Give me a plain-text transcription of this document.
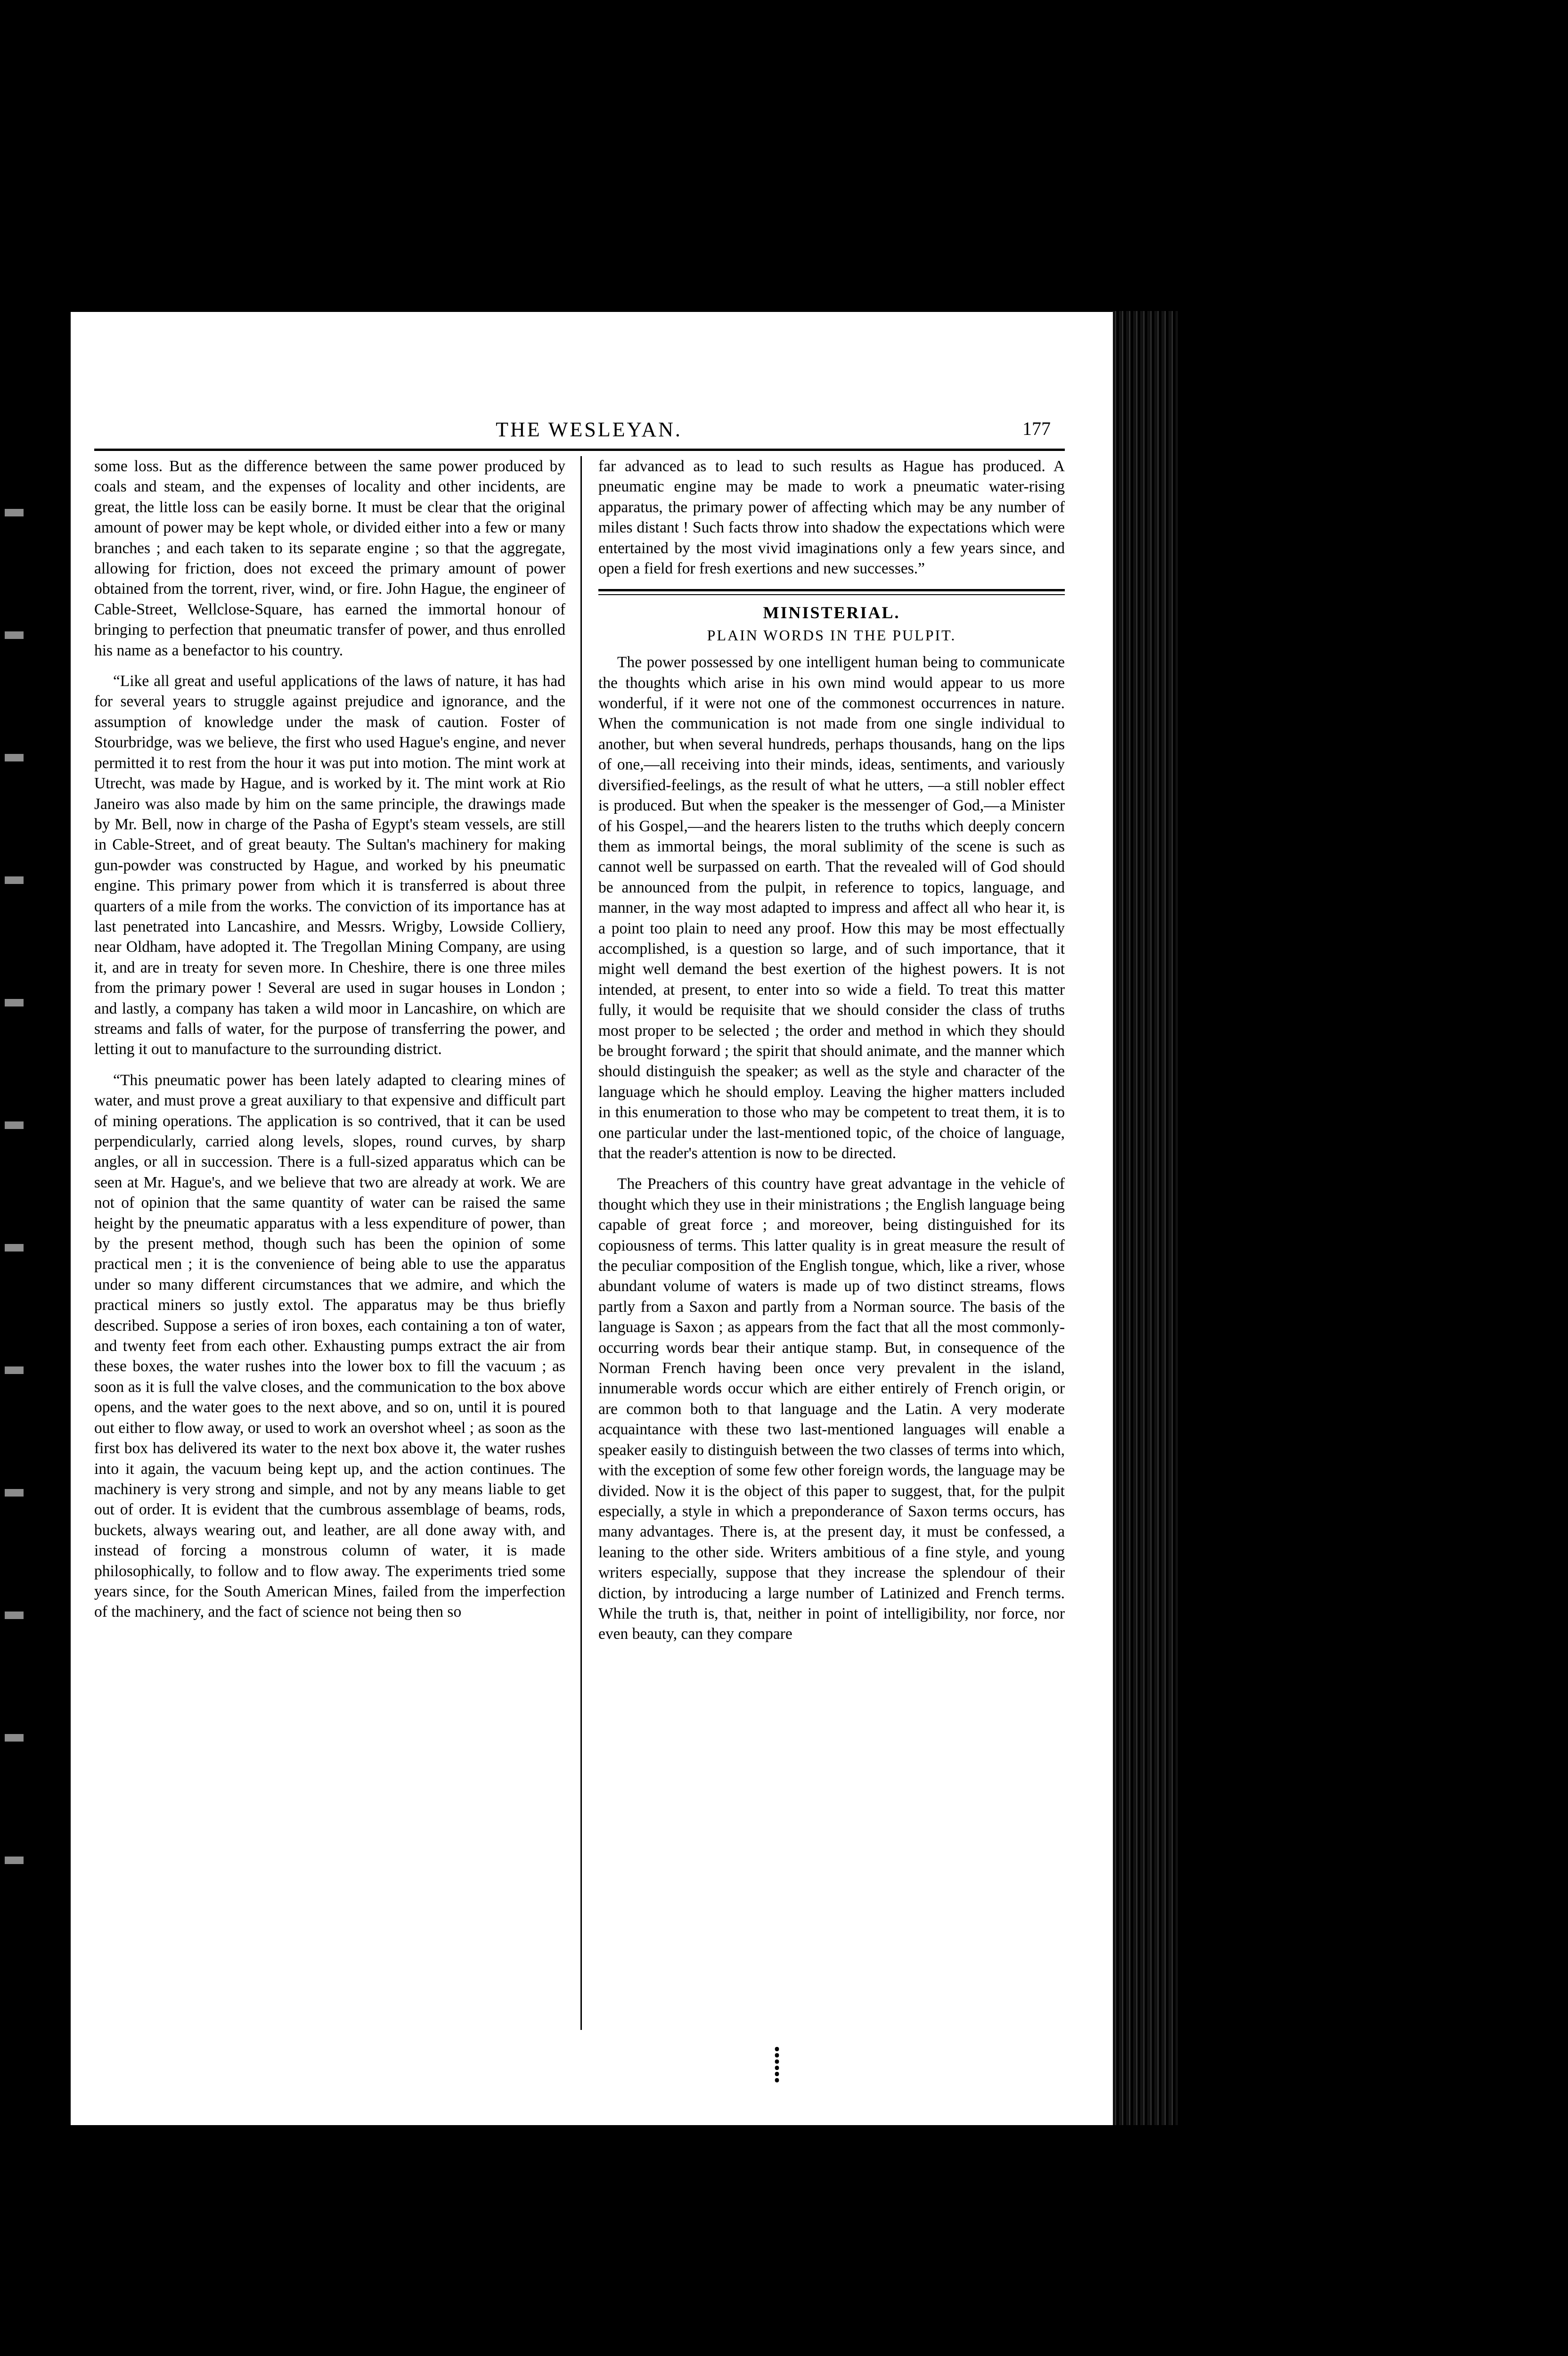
THE WESLEYAN.	177

some loss. But as the difference between the same power produced by coals and steam, and the expenses of locality and other incidents, are great, the little loss can be easily borne. It must be clear that the original amount of power may be kept whole, or divided either into a few or many branches ; and each taken to its separate engine ; so that the aggregate, allowing for friction, does not exceed the primary amount of power obtained from the torrent, river, wind, or fire. John Hague, the engineer of Cable-Street, Wellclose-Square, has earned the immortal honour of bringing to perfection that pneumatic transfer of power, and thus enrolled his name as a benefactor to his country.

“Like all great and useful applications of the laws of nature, it has had for several years to struggle against prejudice and ignorance, and the assumption of knowledge under the mask of caution. Foster of Stourbridge, was we believe, the first who used Hague's engine, and never permitted it to rest from the hour it was put into motion. The mint work at Utrecht, was made by Hague, and is worked by it. The mint work at Rio Janeiro was also made by him on the same principle, the drawings made by Mr. Bell, now in charge of the Pasha of Egypt's steam vessels, are still in Cable-Street, and of great beauty. The Sultan's machinery for making gun-powder was constructed by Hague, and worked by his pneumatic engine. This primary power from which it is transferred is about three quarters of a mile from the works. The conviction of its importance has at last penetrated into Lancashire, and Messrs. Wrigby, Lowside Colliery, near Oldham, have adopted it. The Tregollan Mining Company, are using it, and are in treaty for seven more. In Cheshire, there is one three miles from the primary power ! Several are used in sugar houses in London ; and lastly, a company has taken a wild moor in Lancashire, on which are streams and falls of water, for the purpose of transferring the power, and letting it out to manufacture to the surrounding district.

“This pneumatic power has been lately adapted to clearing mines of water, and must prove a great auxiliary to that expensive and difficult part of mining operations. The application is so contrived, that it can be used perpendicularly, carried along levels, slopes, round curves, by sharp angles, or all in succession. There is a full-sized apparatus which can be seen at Mr. Hague's, and we believe that two are already at work. We are not of opinion that the same quantity of water can be raised the same height by the pneumatic apparatus with a less expenditure of power, than by the present method, though such has been the opinion of some practical men ; it is the convenience of being able to use the apparatus under so many different circumstances that we admire, and which the practical miners so justly extol. The apparatus may be thus briefly described. Suppose a series of iron boxes, each containing a ton of water, and twenty feet from each other. Exhausting pumps extract the air from these boxes, the water rushes into the lower box to fill the vacuum ; as soon as it is full the valve closes, and the communication to the box above opens, and the water goes to the next above, and so on, until it is poured out either to flow away, or used to work an overshot wheel ; as soon as the first box has delivered its water to the next box above it, the water rushes into it again, the vacuum being kept up, and the action continues. The machinery is very strong and simple, and not by any means liable to get out of order. It is evident that the cumbrous assemblage of beams, rods, buckets, always wearing out, and leather, are all done away with, and instead of forcing a monstrous column of water, it is made philosophically, to follow and to flow away. The experiments tried some years since, for the South American Mines, failed from the imperfection of the machinery, and the fact of science not being then so

far advanced as to lead to such results as Hague has produced. A pneumatic engine may be made to work a pneumatic water-rising apparatus, the primary power of affecting which may be any number of miles distant ! Such facts throw into shadow the expectations which were entertained by the most vivid imaginations only a few years since, and open a field for fresh exertions and new successes.”

MINISTERIAL.
PLAIN WORDS IN THE PULPIT.

The power possessed by one intelligent human being to communicate the thoughts which arise in his own mind would appear to us more wonderful, if it were not one of the commonest occurrences in nature. When the communication is not made from one single individual to another, but when several hundreds, perhaps thousands, hang on the lips of one,—all receiving into their minds, ideas, sentiments, and variously diversified-feelings, as the result of what he utters, —a still nobler effect is produced. But when the speaker is the messenger of God,—a Minister of his Gospel,—and the hearers listen to the truths which deeply concern them as immortal beings, the moral sublimity of the scene is such as cannot well be surpassed on earth. That the revealed will of God should be announced from the pulpit, in reference to topics, language, and manner, in the way most adapted to impress and affect all who hear it, is a point too plain to need any proof. How this may be most effectually accomplished, is a question so large, and of such importance, that it might well demand the best exertion of the highest powers. It is not intended, at present, to enter into so wide a field. To treat this matter fully, it would be requisite that we should consider the class of truths most proper to be selected ; the order and method in which they should be brought forward ; the spirit that should animate, and the manner which should distinguish the speaker; as well as the style and character of the language which he should employ. Leaving the higher matters included in this enumeration to those who may be competent to treat them, it is to one particular under the last-mentioned topic, of the choice of language, that the reader's attention is now to be directed.

The Preachers of this country have great advantage in the vehicle of thought which they use in their ministrations ; the English language being capable of great force ; and moreover, being distinguished for its copiousness of terms. This latter quality is in great measure the result of the peculiar composition of the English tongue, which, like a river, whose abundant volume of waters is made up of two distinct streams, flows partly from a Saxon and partly from a Norman source. The basis of the language is Saxon ; as appears from the fact that all the most commonly-occurring words bear their antique stamp. But, in consequence of the Norman French having been once very prevalent in the island, innumerable words occur which are either entirely of French origin, or are common both to that language and the Latin. A very moderate acquaintance with these two last-mentioned languages will enable a speaker easily to distinguish between the two classes of terms into which, with the exception of some few other foreign words, the language may be divided. Now it is the object of this paper to suggest, that, for the pulpit especially, a style in which a preponderance of Saxon terms occurs, has many advantages. There is, at the present day, it must be confessed, a leaning to the other side. Writers ambitious of a fine style, and young writers especially, suppose that they increase the splendour of their diction, by introducing a large number of Latinized and French terms. While the truth is, that, neither in point of intelligibility, nor force, nor even beauty, can they compare

⸽
